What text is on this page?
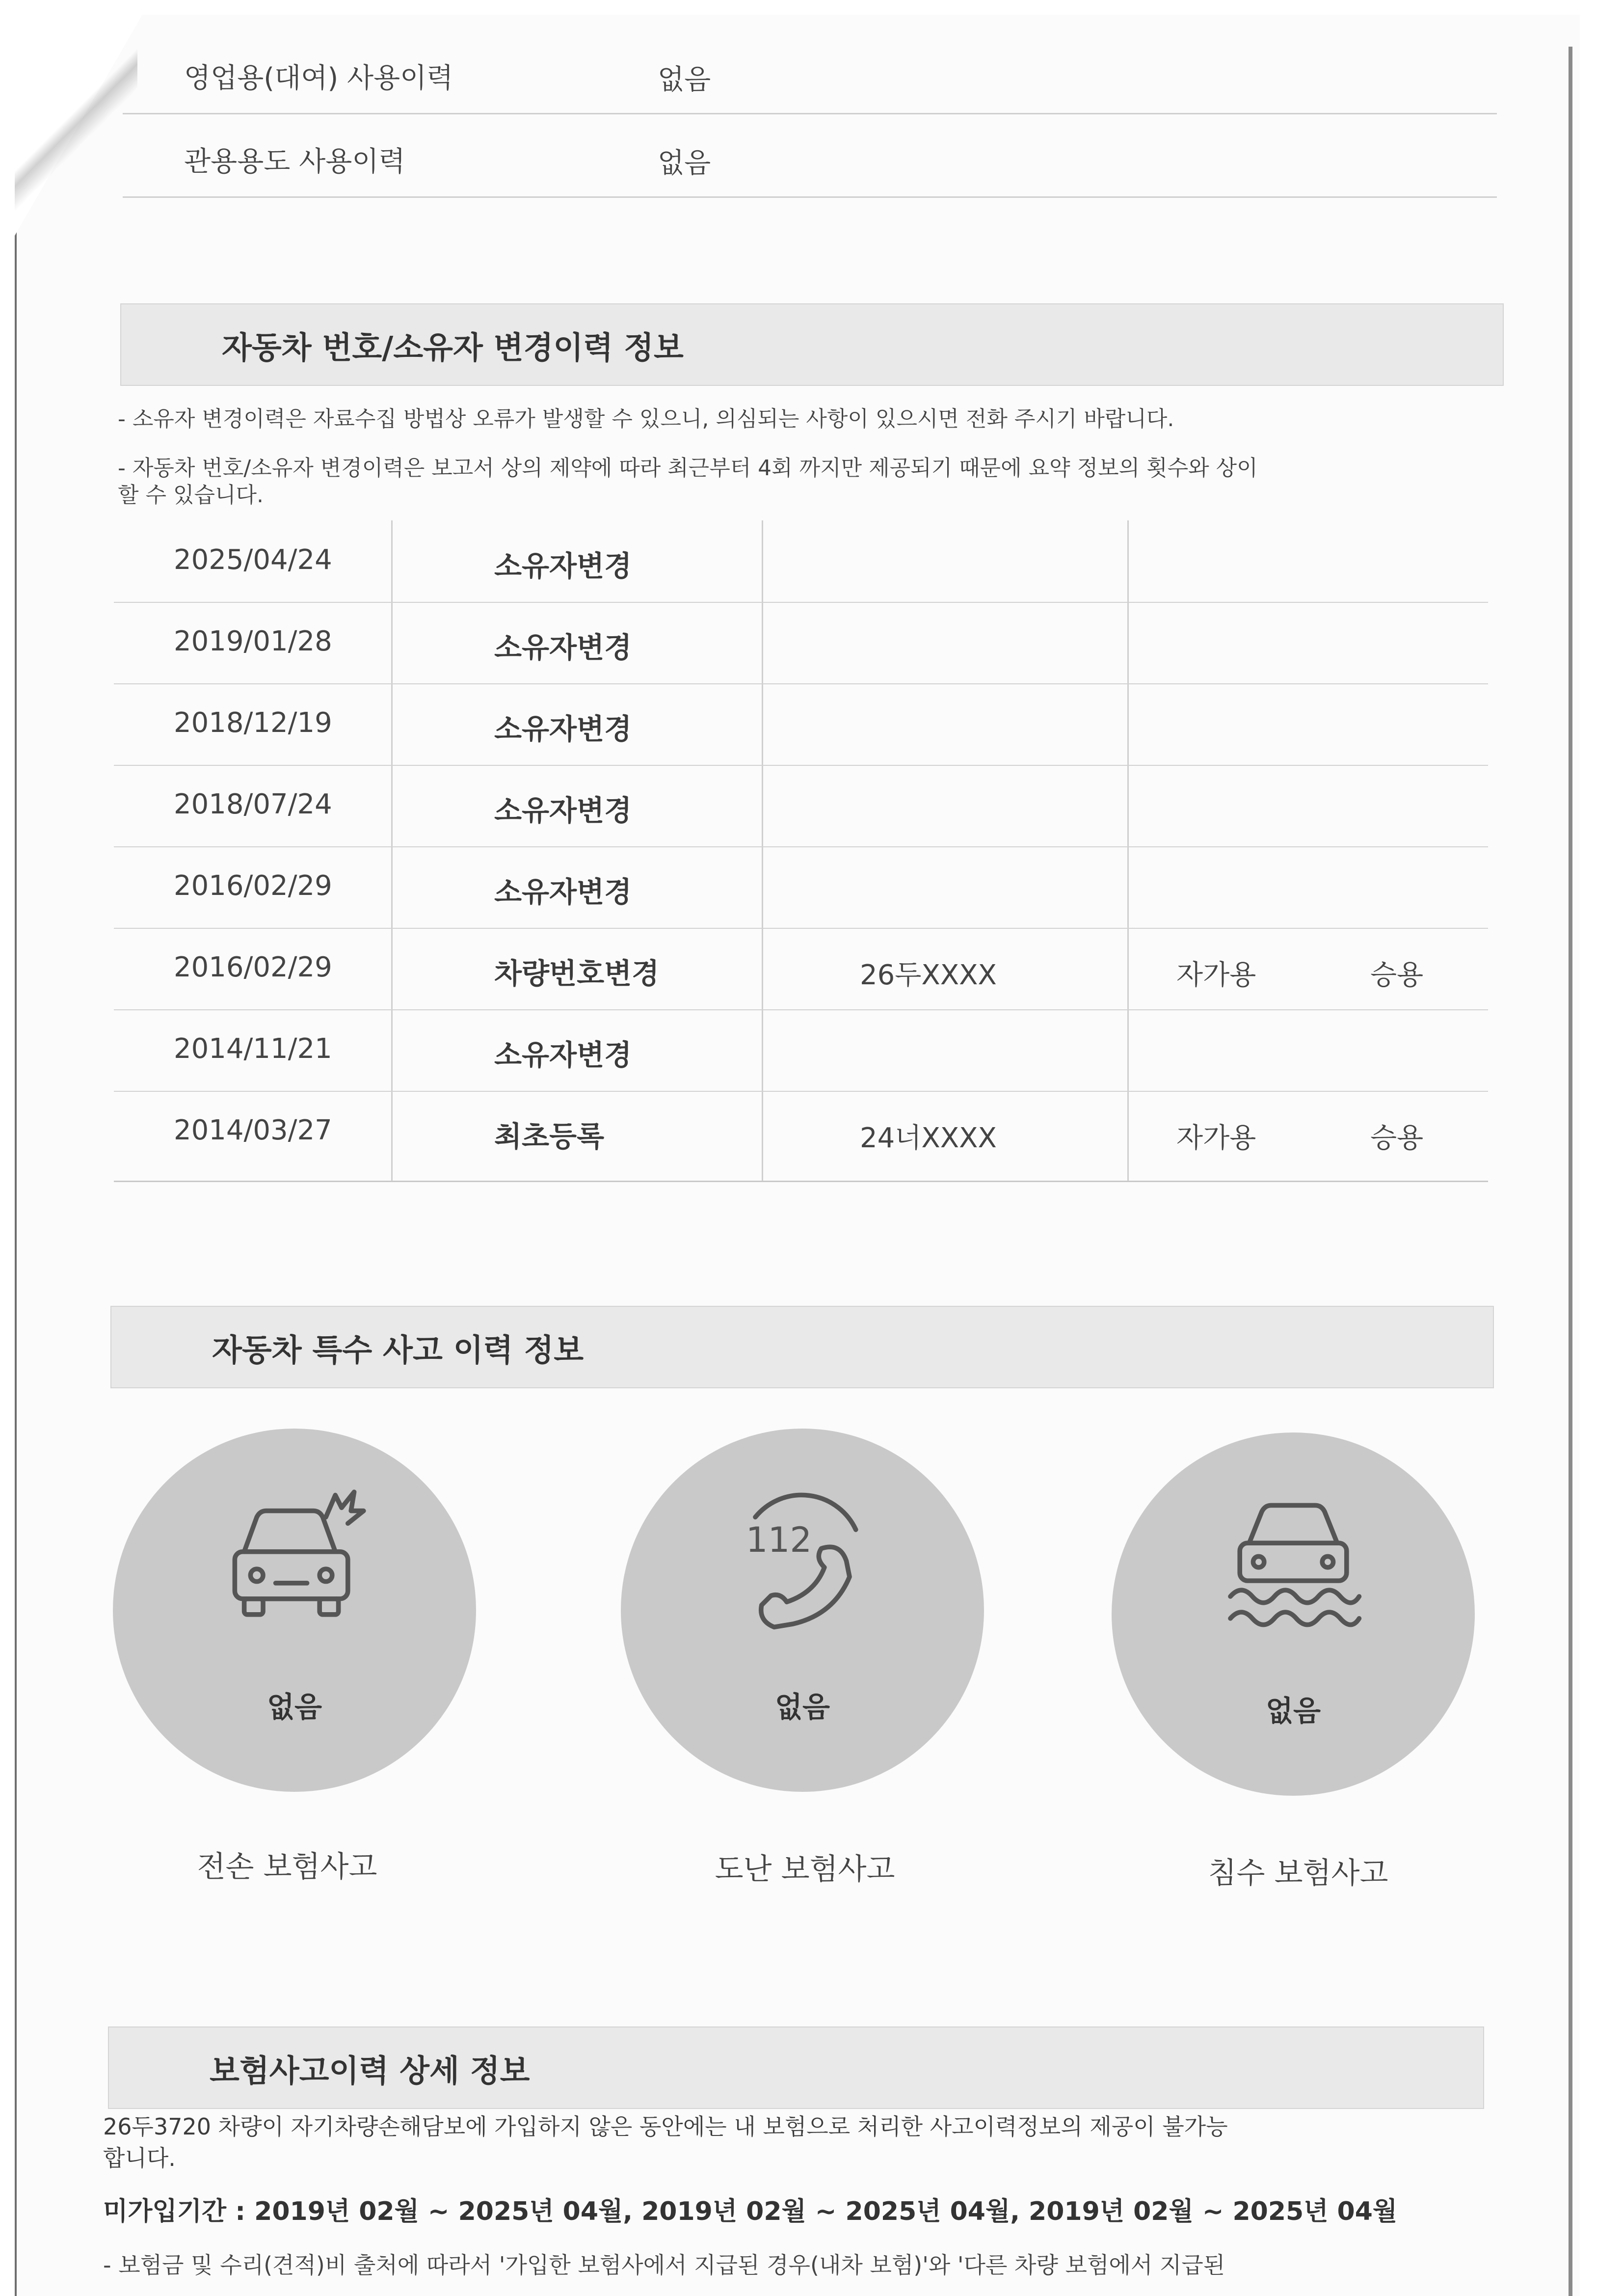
영업용(대여) 사용이력	없음
관용용도 사용이력	없음
자동차 번호/소유자 변경이력 정보
- 소유자 변경이력은 자료수집 방법상 오류가 발생할 수 있으니, 의심되는 사항이 있으시면 전화 주시기 바랍니다.
- 자동차 번호/소유자 변경이력은 보고서 상의 제약에 따라 최근부터 4회 까지만 제공되기 때문에 요약 정보의 횟수와 상이
할 수 있습니다.
2025/04/24	소유자변경
2019/01/28	소유자변경
2018/12/19	소유자변경
2018/07/24	소유자변경
2016/02/29	소유자변경
2016/02/29	차량번호변경	26두XXXX	자가용	승용
2014/11/21	소유자변경
2014/03/27	최초등록	24너XXXX	자가용	승용
자동차 특수 사고 이력 정보
없음
112
없음	없음
전손 보험사고	도난 보험사고	침수 보험사고
보험사고이력 상세 정보
26두3720 차량이 자기차량손해담보에 가입하지 않은 동안에는 내 보험으로 처리한 사고이력정보의 제공이 불가능
합니다.
미가입기간 : 2019년 02월 ~ 2025년 04월, 2019년 02월 ~ 2025년 04월, 2019년 02월 ~ 2025년 04월
- 보험금 및 수리(견적)비 출처에 따라서 '가입한 보험사에서 지급된 경우(내차 보험)'와 '다른 차량 보험에서 지급된
